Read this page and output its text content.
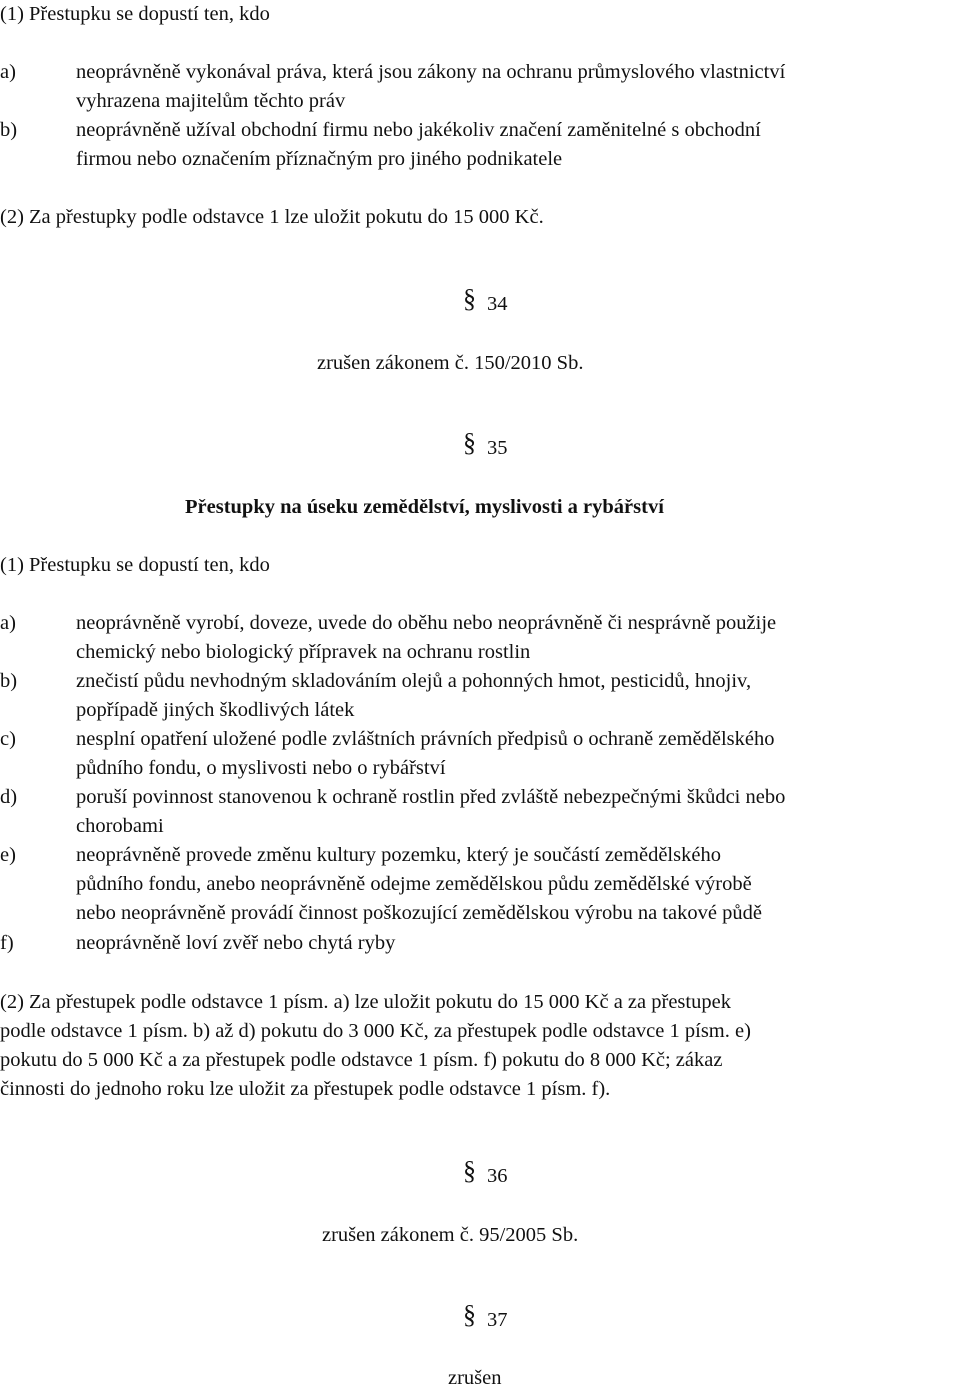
(1) Přestupku se dopustí ten, kdo
a)	neoprávněně vykonával práva, která jsou zákony na ochranu průmyslového vlastnictví
vyhrazena majitelům těchto práv
b)	neoprávněně užíval obchodní firmu nebo jakékoliv značení zaměnitelné s obchodní
firmou nebo označením příznačným pro jiného podnikatele
(2) Za přestupky podle odstavce 1 lze uložit pokutu do 15 000 Kč.
§ 34
zrušen zákonem č. 150/2010 Sb.
§ 35
Přestupky na úseku zemědělství, myslivosti a rybářství
(1) Přestupku se dopustí ten, kdo
a)	neoprávněně vyrobí, doveze, uvede do oběhu nebo neoprávněně či nesprávně použije
chemický nebo biologický přípravek na ochranu rostlin
b)	znečistí půdu nevhodným skladováním olejů a pohonných hmot, pesticidů, hnojiv,
popřípadě jiných škodlivých látek
c)	nesplní opatření uložené podle zvláštních právních předpisů o ochraně zemědělského
půdního fondu, o myslivosti nebo o rybářství
d)	poruší povinnost stanovenou k ochraně rostlin před zvláště nebezpečnými škůdci nebo
chorobami
e)	neoprávněně provede změnu kultury pozemku, který je součástí zemědělského
půdního fondu, anebo neoprávněně odejme zemědělskou půdu zemědělské výrobě
nebo neoprávněně provádí činnost poškozující zemědělskou výrobu na takové půdě
f)	neoprávněně loví zvěř nebo chytá ryby
(2) Za přestupek podle odstavce 1 písm. a) lze uložit pokutu do 15 000 Kč a za přestupek
podle odstavce 1 písm. b) až d) pokutu do 3 000 Kč, za přestupek podle odstavce 1 písm. e)
pokutu do 5 000 Kč a za přestupek podle odstavce 1 písm. f) pokutu do 8 000 Kč; zákaz
činnosti do jednoho roku lze uložit za přestupek podle odstavce 1 písm. f).
§ 36
zrušen zákonem č. 95/2005 Sb.
§ 37
zrušen
